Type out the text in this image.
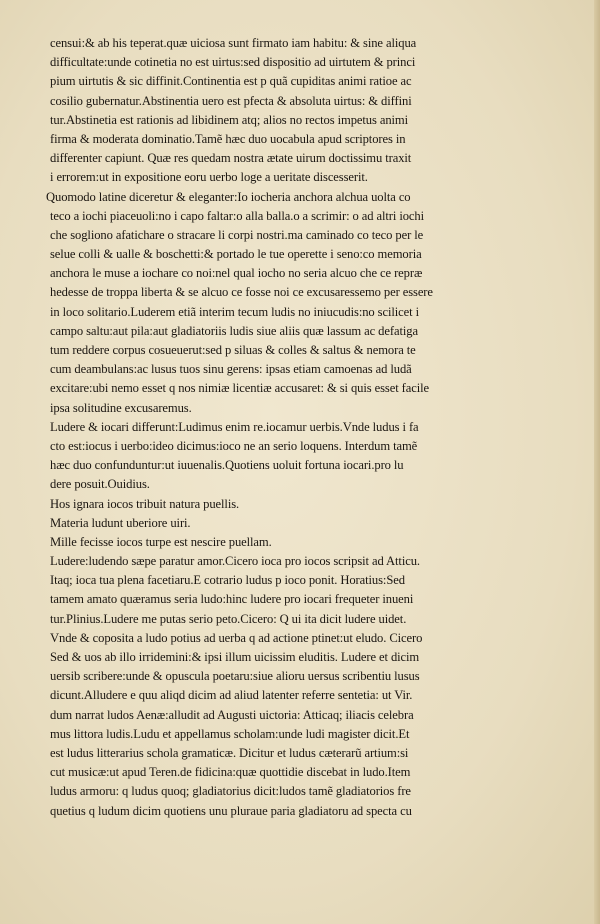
censui:& ab his teperat.quæ uiciosa sunt firmato iam habitu: & sine aliqua
difficultate:unde cotinetia no est uirtus:sed dispositio ad uirtutem & princi
pium uirtutis & sic diffinit.Continentia est p quã cupiditas animi ratioe ac
cosilio gubernatur.Abstinentia uero est pfecta & absoluta uirtus: & diffini
tur.Abstinetia est rationis ad libidinem atq; alios no rectos impetus animi
firma & moderata dominatio.Tamẽ hæc duo uocabula apud scriptores in
differenter capiunt. Quæ res quedam nostra ætate uirum doctissimu traxit
i errorem:ut in expositione eoru uerbo loge a ueritate discesserit.
Quomodo latine diceretur & eleganter:Io iocheria anchora alchua uolta co
teco a iochi piaceuoli:no i capo faltar:o alla balla.o a scrimir: o ad altri iochi
che sogliono afatichare o stracare li corpi nostri.ma caminado co teco per le
selue colli & ualle & boschetti:& portado le tue operette i seno:co memoria
anchora le muse a iochare co noi:nel qual iocho no seria alcuo che ce repræ
hedesse de troppa liberta & se alcuo ce fosse noi ce excusaressemo per essere
in loco solitario.Luderem etiã interim tecum ludis no iniucudis:no scilicet i
campo saltu:aut pila:aut gladiatoriis ludis siue aliis quæ lassum ac defatiga
tum reddere corpus cosueuerut:sed p siluas & colles & saltus & nemora te
cum deambulans:ac lusus tuos sinu gerens: ipsas etiam camoenas ad ludã
excitare:ubi nemo esset q nos nimiæ licentiæ accusaret: & si quis esset facile
ipsa solitudine excusaremus.
Ludere & iocari differunt:Ludimus enim re.iocamur uerbis.Vnde ludus i fa
cto est:iocus i uerbo:ideo dicimus:ioco ne an serio loquens. Interdum tamẽ
hæc duo confunduntur:ut iuuenalis.Quotiens uoluit fortuna iocari.pro lu
dere posuit.Ouidius.
Hos ignara iocos tribuit natura puellis.
Materia ludunt uberiore uiri.
Mille fecisse iocos turpe est nescire puellam.
Ludere:ludendo sæpe paratur amor.Cicero ioca pro iocos scripsit ad Atticu.
Itaq; ioca tua plena facetiaru.E cotrario ludus p ioco ponit. Horatius:Sed
tamem amato quæramus seria ludo:hinc ludere pro iocari frequeter inueni
tur.Plinius.Ludere me putas serio peto.Cicero: Q ui ita dicit ludere uidet.
Vnde & coposita a ludo potius ad uerba q ad actione ptinet:ut eludo. Cicero
Sed & uos ab illo irridemini:& ipsi illum uicissim eluditis. Ludere et dicim
uersib scribere:unde & opuscula poetaru:siue alioru uersus scribentiu lusus
dicunt.Alludere e quu aliqd dicim ad aliud latenter referre sentetia: ut Vir.
dum narrat ludos Aenæ:alludit ad Augusti uictoria: Atticaq; iliacis celebra
mus littora ludis.Ludu et appellamus scholam:unde ludi magister dicit.Et
est ludus litterarius schola gramaticæ. Dicitur et ludus cæterarũ artium:si
cut musicæ:ut apud Teren.de fidicina:quæ quottidie discebat in ludo.Item
ludus armoru: q ludus quoq; gladiatorius dicit:ludos tamẽ gladiatorios fre
quetius q ludum dicim quotiens unu pluraue paria gladiatoru ad specta cu
